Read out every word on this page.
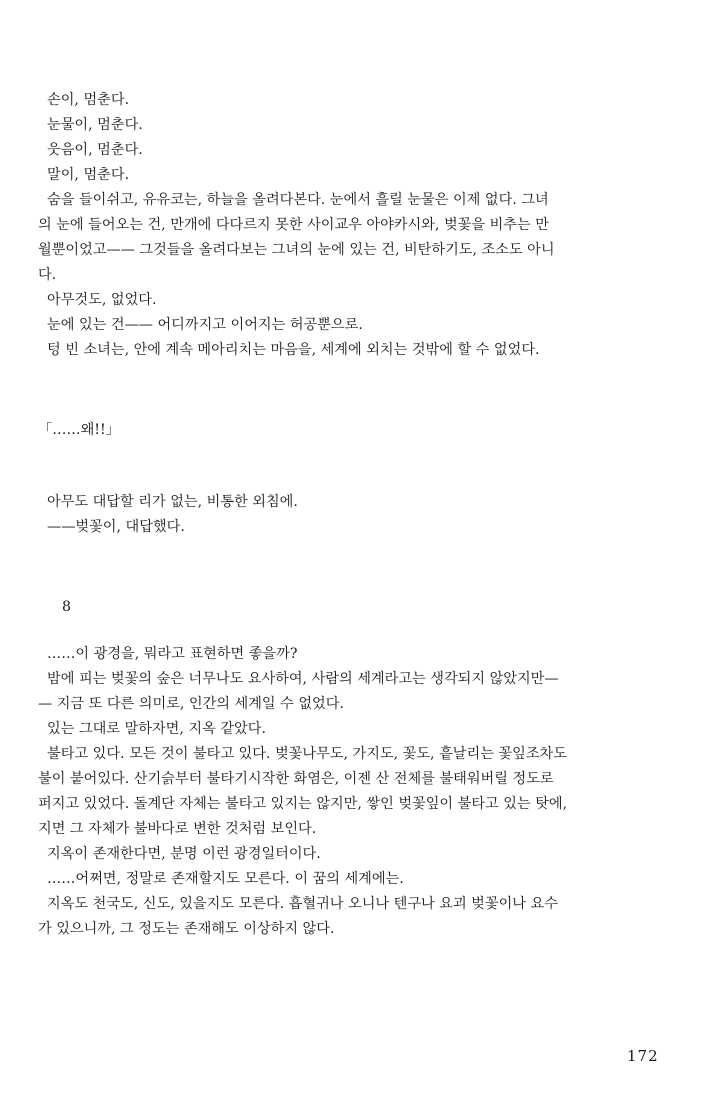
손이, 멈춘다.
눈물이, 멈춘다.
웃음이, 멈춘다.
말이, 멈춘다.
숨을 들이쉬고, 유유코는, 하늘을 올려다본다. 눈에서 흘릴 눈물은 이제 없다. 그녀
의 눈에 들어오는 건, 만개에 다다르지 못한 사이교우 아야카시와, 벚꽃을 비추는 만
월뿐이었고—— 그것들을 올려다보는 그녀의 눈에 있는 건, 비탄하기도, 조소도 아니
다.
아무것도, 없었다.
눈에 있는 건—— 어디까지고 이어지는 허공뿐으로.
텅 빈 소녀는, 안에 계속 메아리치는 마음을, 세계에 외치는 것밖에 할 수 없었다.
「……왜!!」
아무도 대답할 리가 없는, 비통한 외침에.
——벚꽃이, 대답했다.
8
……이 광경을, 뭐라고 표현하면 좋을까?
밤에 피는 벚꽃의 숲은 너무나도 요사하여, 사람의 세계라고는 생각되지 않았지만—
— 지금 또 다른 의미로, 인간의 세계일 수 없었다.
있는 그대로 말하자면, 지옥 같았다.
불타고 있다. 모든 것이 불타고 있다. 벚꽃나무도, 가지도, 꽃도, 흩날리는 꽃잎조차도
불이 붙어있다. 산기슭부터 불타기시작한 화염은, 이젠 산 전체를 불태워버릴 정도로
퍼지고 있었다. 돌계단 자체는 불타고 있지는 않지만, 쌓인 벚꽃잎이 불타고 있는 탓에,
지면 그 자체가 불바다로 변한 것처럼 보인다.
지옥이 존재한다면, 분명 이런 광경일터이다.
……어쩌면, 정말로 존재할지도 모른다. 이 꿈의 세계에는.
지옥도 천국도, 신도, 있을지도 모른다. 흡혈귀나 오니나 텐구나 요괴 벚꽃이나 요수
가 있으니까, 그 정도는 존재해도 이상하지 않다.
172
